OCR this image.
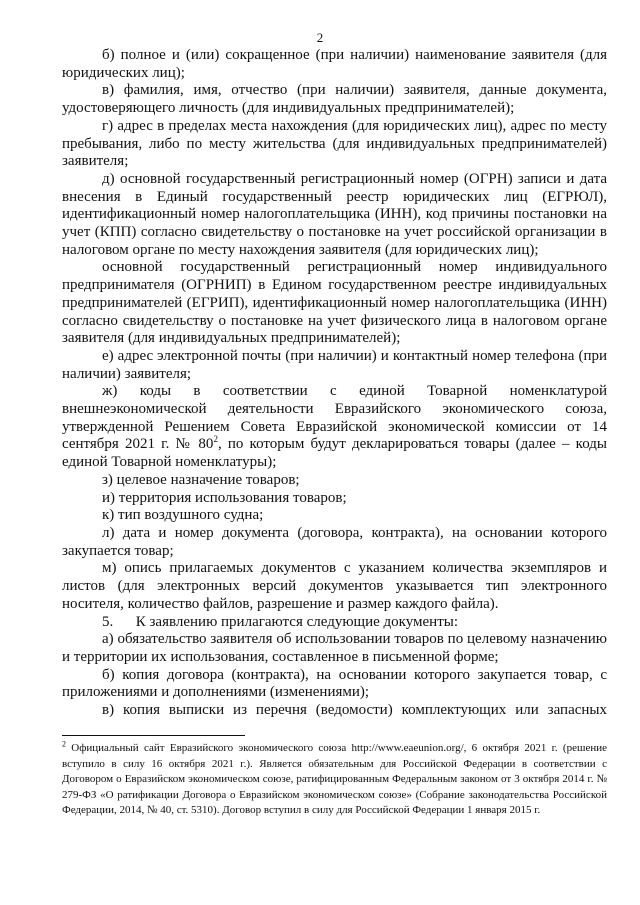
2

б) полное и (или) сокращенное (при наличии) наименование заявителя (для юридических лиц);

в) фамилия, имя, отчество (при наличии) заявителя, данные документа, удостоверяющего личность (для индивидуальных предпринимателей);

г) адрес в пределах места нахождения (для юридических лиц), адрес по месту пребывания, либо по месту жительства (для индивидуальных предпринимателей) заявителя;

д) основной государственный регистрационный номер (ОГРН) записи и дата внесения в Единый государственный реестр юридических лиц (ЕГРЮЛ), идентификационный номер налогоплательщика (ИНН), код причины постановки на учет (КПП) согласно свидетельству о постановке на учет российской организации в налоговом органе по месту нахождения заявителя (для юридических лиц);

основной государственный регистрационный номер индивидуального предпринимателя (ОГРНИП) в Едином государственном реестре индивидуальных предпринимателей (ЕГРИП), идентификационный номер налогоплательщика (ИНН) согласно свидетельству о постановке на учет физического лица в налоговом органе заявителя (для индивидуальных предпринимателей);

е) адрес электронной почты (при наличии) и контактный номер телефона (при наличии) заявителя;

ж) коды в соответствии с единой Товарной номенклатурой внешнеэкономической деятельности Евразийского экономического союза, утвержденной Решением Совета Евразийской экономической комиссии от 14 сентября 2021 г. № $80^2$, по которым будут декларироваться товары (далее – коды единой Товарной номенклатуры);

з) целевое назначение товаров;

и) территория использования товаров;

к) тип воздушного судна;

л) дата и номер документа (договора, контракта), на основании которого закупается товар;

м) опись прилагаемых документов с указанием количества экземпляров и листов (для электронных версий документов указывается тип электронного носителя, количество файлов, разрешение и размер каждого файла).

5.      К заявлению прилагаются следующие документы:

а) обязательство заявителя об использовании товаров по целевому назначению и территории их использования, составленное в письменной форме;

б) копия договора (контракта), на основании которого закупается товар, с приложениями и дополнениями (изменениями);

в) копия выписки из перечня (ведомости) комплектующих или запасных

$^2$ Официальный сайт Евразийского экономического союза http://www.eaeunion.org/, 6 октября 2021 г. (решение вступило в силу 16 октября 2021 г.). Является обязательным для Российской Федерации в соответствии с Договором о Евразийском экономическом союзе, ратифицированным Федеральным законом от 3 октября 2014 г. № 279-ФЗ «О ратификации Договора о Евразийском экономическом союзе» (Собрание законодательства Российской Федерации, 2014, № 40, ст. 5310). Договор вступил в силу для Российской Федерации 1 января 2015 г.
